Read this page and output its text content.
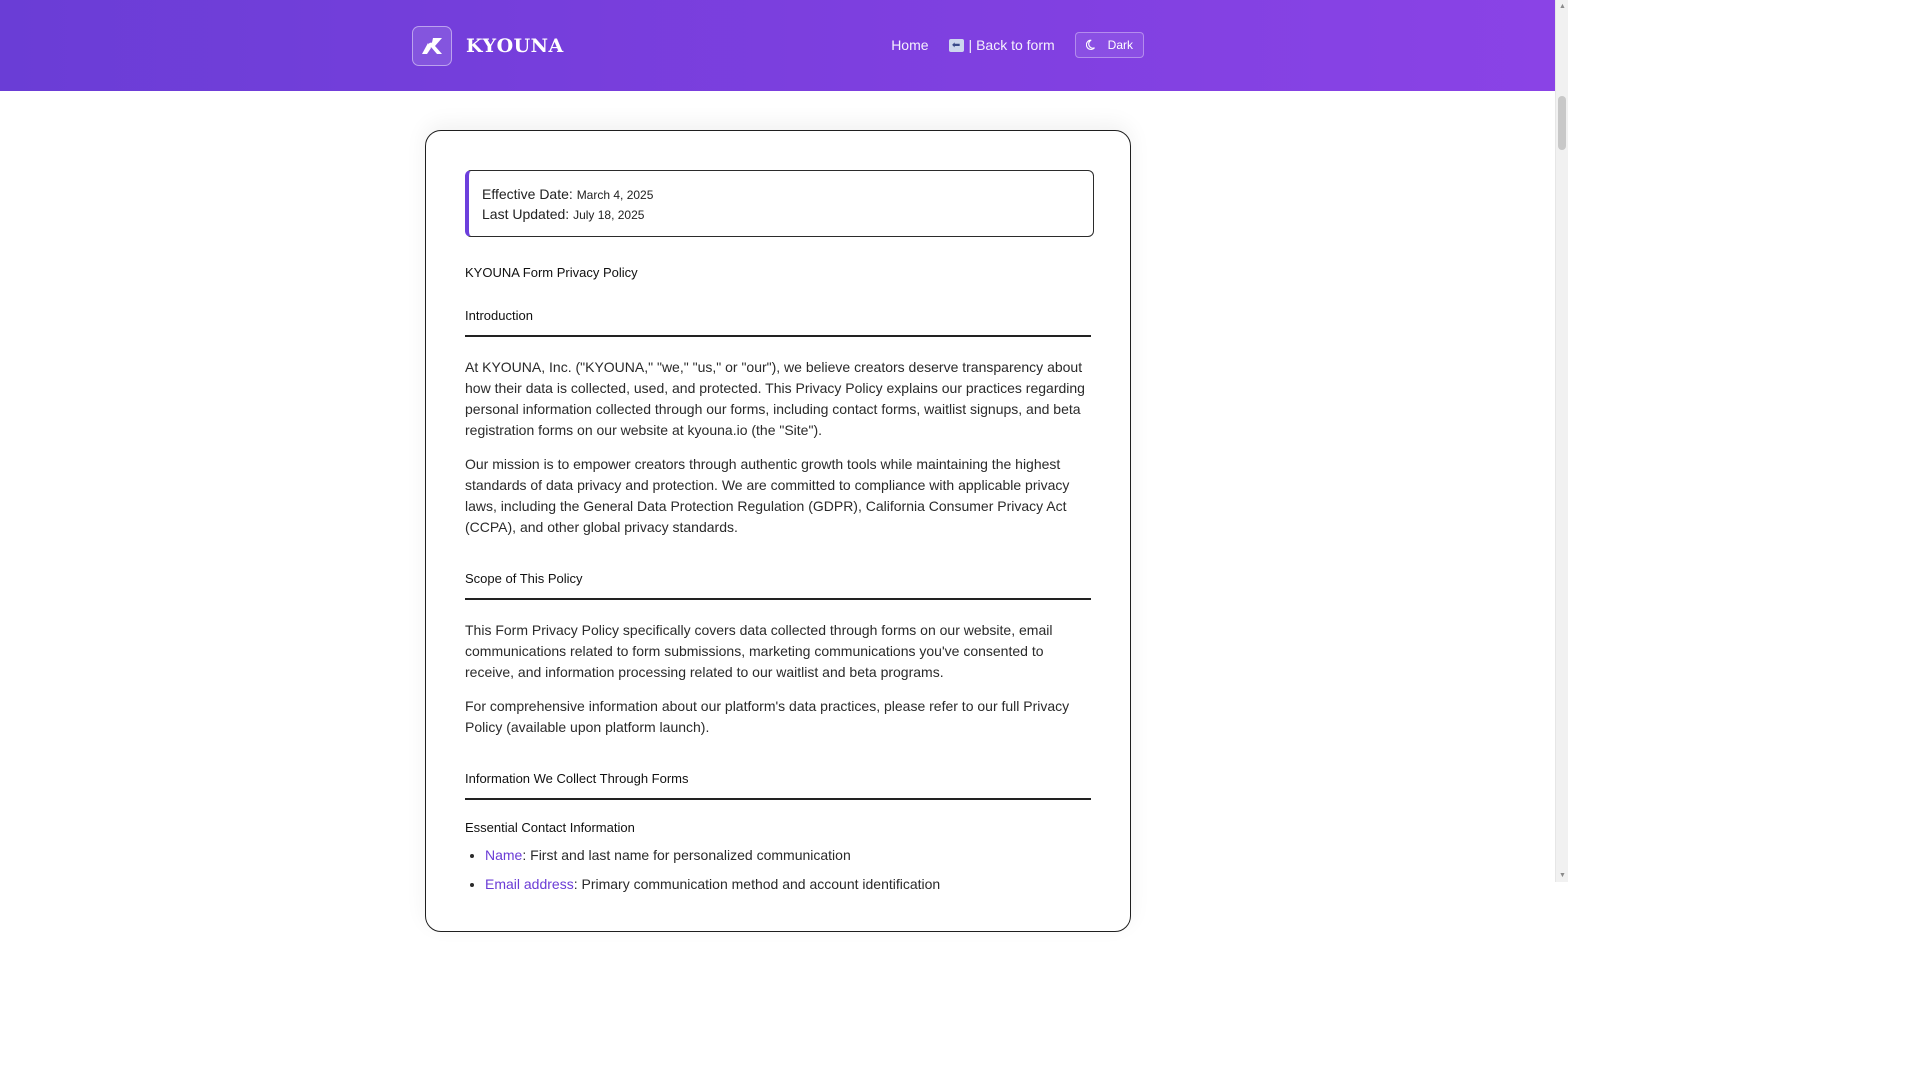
KYOUNA	Home	⬅ | Back to form	Dark
Effective Date: March 4, 2025
Last Updated: July 18, 2025
KYOUNA Form Privacy Policy
Introduction

At KYOUNA, Inc. ("KYOUNA," "we," "us," or "our"), we believe creators deserve transparency about how their data is collected, used, and protected. This Privacy Policy explains our practices regarding personal information collected through our forms, including contact forms, waitlist signups, and beta registration forms on our website at kyouna.io (the "Site").

Our mission is to empower creators through authentic growth tools while maintaining the highest standards of data privacy and protection. We are committed to compliance with applicable privacy laws, including the General Data Protection Regulation (GDPR), California Consumer Privacy Act (CCPA), and other global privacy standards.

Scope of This Policy

This Form Privacy Policy specifically covers data collected through forms on our website, email communications related to form submissions, marketing communications you've consented to receive, and information processing related to our waitlist and beta programs.

For comprehensive information about our platform's data practices, please refer to our full Privacy Policy (available upon platform launch).

Information We Collect Through Forms
Essential Contact Information
• Name: First and last name for personalized communication
• Email address: Primary communication method and account identification
▲
▼
